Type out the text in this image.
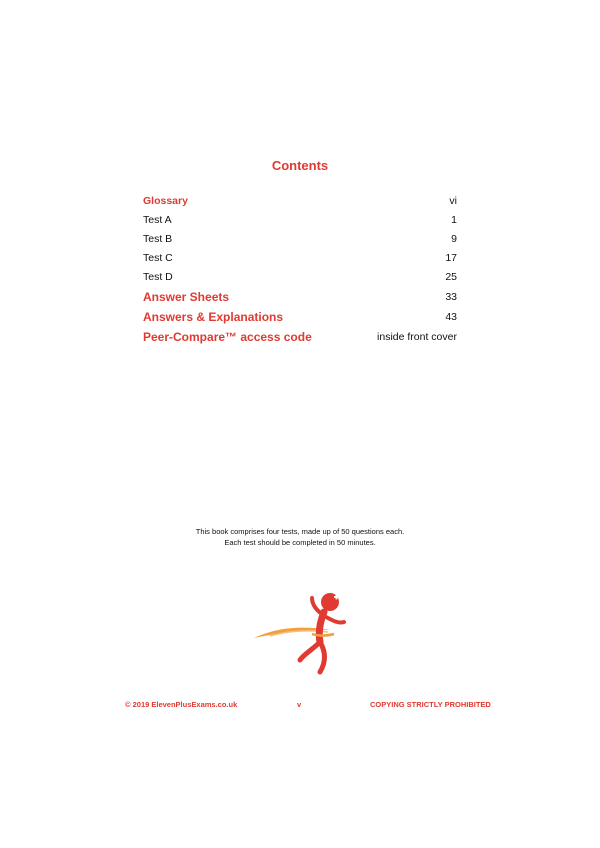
Contents
Glossary	vi
Test A	1
Test B	9
Test C	17
Test D	25
Answer Sheets	33
Answers & Explanations	43
Peer-Compare™ access code	inside front cover
This book comprises four tests, made up of 50 questions each.
Each test should be completed in 50 minutes.
© 2019 ElevenPlusExams.co.uk	v	COPYING STRICTLY PROHIBITED
